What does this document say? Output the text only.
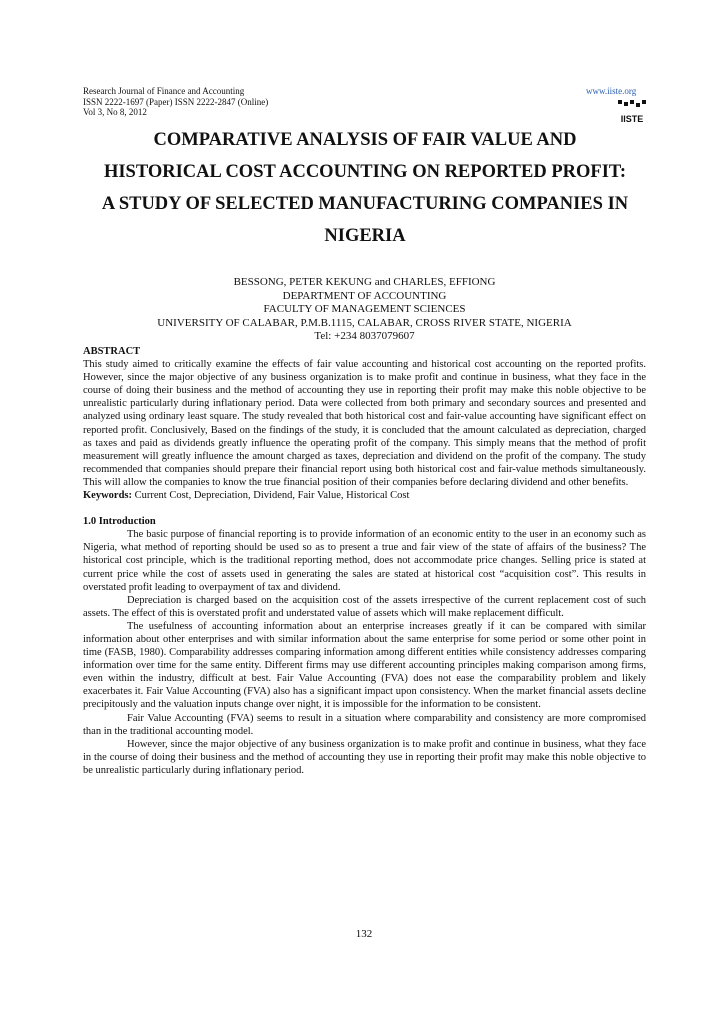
Research Journal of Finance and Accounting
ISSN 2222-1697 (Paper) ISSN 2222-2847 (Online)
Vol 3, No 8, 2012
www.iiste.org
IISTE
COMPARATIVE ANALYSIS OF FAIR VALUE AND
HISTORICAL COST ACCOUNTING ON REPORTED PROFIT:
A STUDY OF SELECTED MANUFACTURING COMPANIES IN
NIGERIA
BESSONG, PETER KEKUNG and CHARLES, EFFIONG
DEPARTMENT OF ACCOUNTING
FACULTY OF MANAGEMENT SCIENCES
UNIVERSITY OF CALABAR, P.M.B.1115, CALABAR, CROSS RIVER STATE, NIGERIA
Tel: +234 8037079607

ABSTRACT

This study aimed to critically examine the effects of fair value accounting and historical cost accounting on the reported profits. However, since the major objective of any business organization is to make profit and continue in business, what they face in the course of doing their business and the method of accounting they use in reporting their profit may make this noble objective to be unrealistic particularly during inflationary period. Data were collected from both primary and secondary sources and presented and analyzed using ordinary least square. The study revealed that both historical cost and fair-value accounting have significant effect on reported profit. Conclusively, Based on the findings of the study, it is concluded that the amount calculated as depreciation, charged as taxes and paid as dividends greatly influence the operating profit of the company. This simply means that the method of profit measurement will greatly influence the amount charged as taxes, depreciation and dividend on the profit of the company. The study recommended that companies should prepare their financial report using both historical cost and fair-value methods simultaneously. This will allow the companies to know the true financial position of their companies before declaring dividend and other benefits.

Keywords: Current Cost, Depreciation, Dividend, Fair Value, Historical Cost

1.0 Introduction

The basic purpose of financial reporting is to provide information of an economic entity to the user in an economy such as Nigeria, what method of reporting should be used so as to present a true and fair view of the state of affairs of the business? The historical cost principle, which is the traditional reporting method, does not accommodate price changes. Selling price is stated at current price while the cost of assets used in generating the sales are stated at historical cost “acquisition cost”. This results in overstated profit leading to overpayment of tax and dividend.

Depreciation is charged based on the acquisition cost of the assets irrespective of the current replacement cost of such assets. The effect of this is overstated profit and understated value of assets which will make replacement difficult.

The usefulness of accounting information about an enterprise increases greatly if it can be compared with similar information about other enterprises and with similar information about the same enterprise for some period or some other point in time (FASB, 1980). Comparability addresses comparing information among different entities while consistency addresses comparing information over time for the same entity. Different firms may use different accounting principles making comparison among firms, even within the industry, difficult at best. Fair Value Accounting (FVA) does not ease the comparability problem and likely exacerbates it. Fair Value Accounting (FVA) also has a significant impact upon consistency. When the market financial assets decline precipitously and the valuation inputs change over night, it is impossible for the information to be consistent.

Fair Value Accounting (FVA) seems to result in a situation where comparability and consistency are more compromised than in the traditional accounting model.

However, since the major objective of any business organization is to make profit and continue in business, what they face in the course of doing their business and the method of accounting they use in reporting their profit may make this noble objective to be unrealistic particularly during inflationary period.

132
